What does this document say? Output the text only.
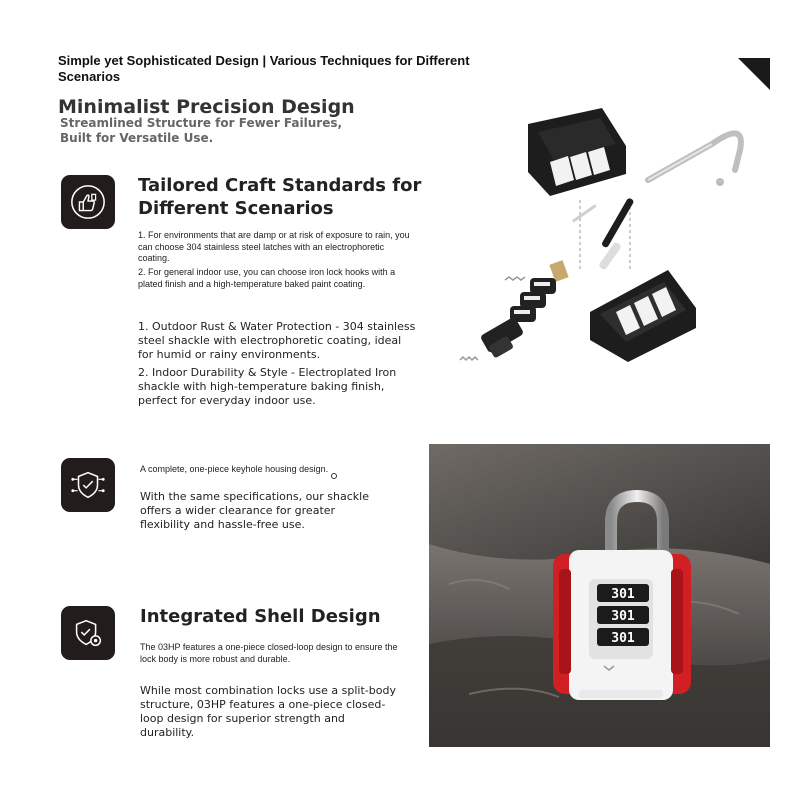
Simple yet Sophisticated Design | Various Techniques for Different Scenarios
Minimalist Precision Design
Streamlined Structure for Fewer Failures, Built for Versatile Use.
Tailored Craft Standards for Different Scenarios
1. For environments that are damp or at risk of exposure to rain, you can choose 304 stainless steel latches with an electrophoretic coating.
2. For general indoor use, you can choose iron lock hooks with a plated finish and a high-temperature baked paint coating.
1. Outdoor Rust & Water Protection - 304 stainless steel shackle with electrophoretic coating, ideal for humid or rainy environments.
2. Indoor Durability & Style - Electroplated Iron shackle with high-temperature baking finish, perfect for everyday indoor use.
A complete, one-piece keyhole housing design.
With the same specifications, our shackle offers a wider clearance for greater flexibility and hassle-free use.
Integrated Shell Design
The 03HP features a one-piece closed-loop design to ensure the lock body is more robust and durable.
While most combination locks use a split-body structure, 03HP features a one-piece closed-loop design for superior strength and durability.
301
301
301
